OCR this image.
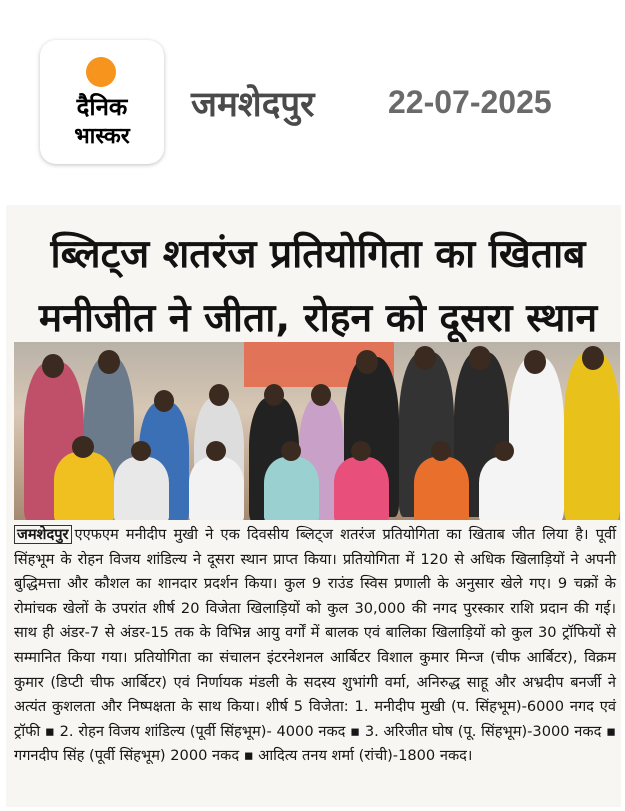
दैनिक
भास्कर
जमशेदपुर 22-07-2025
ब्लिट्ज शतरंज प्रतियोगिता का खिताब
मनीजीत ने जीता, रोहन को दूसरा स्थान

जमशेदपुर एएफएम मनीदीप मुखी ने एक दिवसीय ब्लिट्ज शतरंज प्रतियोगिता का खिताब जीत लिया है। पूर्वी सिंहभूम के रोहन विजय शांडिल्य ने दूसरा स्थान प्राप्त किया। प्रतियोगिता में 120 से अधिक खिलाड़ियों ने अपनी बुद्धिमत्ता और कौशल का शानदार प्रदर्शन किया। कुल 9 राउंड स्विस प्रणाली के अनुसार खेले गए। 9 चक्रों के रोमांचक खेलों के उपरांत शीर्ष 20 विजेता खिलाड़ियों को कुल 30,000 की नगद पुरस्कार राशि प्रदान की गई। साथ ही अंडर-7 से अंडर-15 तक के विभिन्न आयु वर्गों में बालक एवं बालिका खिलाड़ियों को कुल 30 ट्रॉफियों से सम्मानित किया गया। प्रतियोगिता का संचालन इंटरनेशनल आर्बिटर विशाल कुमार मिन्ज (चीफ आर्बिटर), विक्रम कुमार (डिप्टी चीफ आर्बिटर) एवं निर्णायक मंडली के सदस्य शुभांगी वर्मा, अनिरुद्ध साहू और अभ्रदीप बनर्जी ने अत्यंत कुशलता और निष्पक्षता के साथ किया। शीर्ष 5 विजेता: 1. मनीदीप मुखी (प. सिंहभूम)-6000 नगद एवं ट्रॉफी ▪ 2. रोहन विजय शांडिल्य (पूर्वी सिंहभूम)- 4000 नकद ▪ 3. अरिजीत घोष (पू. सिंहभूम)-3000 नकद ▪ गगनदीप सिंह (पूर्वी सिंहभूम) 2000 नकद ▪ आदित्य तनय शर्मा (रांची)-1800 नकद।
